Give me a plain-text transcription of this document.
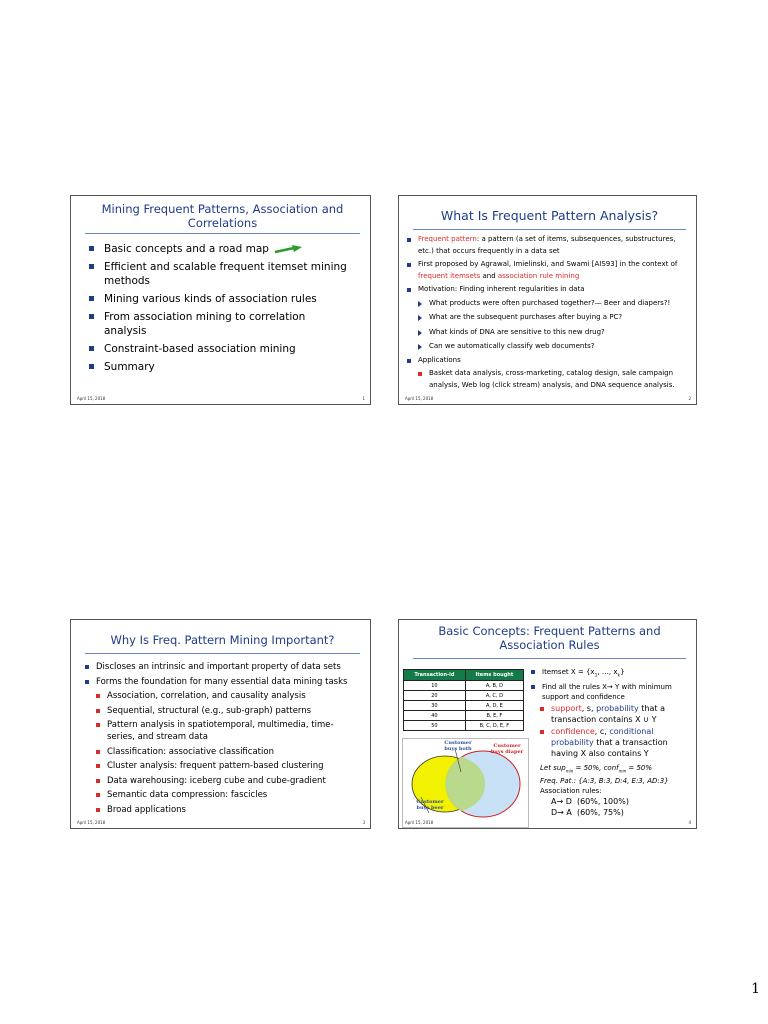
Mining Frequent Patterns, Association and
Correlations
Basic concepts and a road map
Efficient and scalable frequent itemset mining
methods
Mining various kinds of association rules
From association mining to correlation
analysis
Constraint-based association mining
Summary
April 15, 2018	1
What Is Frequent Pattern Analysis?
Frequent pattern: a pattern (a set of items, subsequences, substructures, etc.) that occurs frequently in a data set
First proposed by Agrawal, Imielinski, and Swami [AIS93] in the context of frequent itemsets and association rule mining
Motivation: Finding inherent regularities in data
What products were often purchased together?— Beer and diapers?!
What are the subsequent purchases after buying a PC?
What kinds of DNA are sensitive to this new drug?
Can we automatically classify web documents?
Applications
Basket data analysis, cross-marketing, catalog design, sale campaign analysis, Web log (click stream) analysis, and DNA sequence analysis.
April 15, 2018	2
Why Is Freq. Pattern Mining Important?
Discloses an intrinsic and important property of data sets
Forms the foundation for many essential data mining tasks
Association, correlation, and causality analysis
Sequential, structural (e.g., sub-graph) patterns
Pattern analysis in spatiotemporal, multimedia, time-
series, and stream data
Classification: associative classification
Cluster analysis: frequent pattern-based clustering
Data warehousing: iceberg cube and cube-gradient
Semantic data compression: fascicles
Broad applications
April 15, 2018	3
Basic Concepts: Frequent Patterns and
Association Rules
Transaction-id	Items bought
10	A, B, D
20	A, C, D
30	A, D, E
40	B, E, F
50	B, C, D, E, F
Customer buys both	Customer buys diaper
Customer buys beer
Itemset $X = \{x_1$, …, $x_k$}
Find all the rules X→ Y with minimum support and confidence
support, s, probability that a transaction contains X ∪ Y
confidence, c, conditional probability that a transaction having X also contains Y
Let sup$_{min}$ = 50%, conf$_{min}$ = 50%
Freq. Pat.: {A:3, B:3, D:4, E:3, AD:3}
Association rules:
A→ D  (60%, 100%)
D→ A  (60%, 75%)
April 15, 2018	4
1
